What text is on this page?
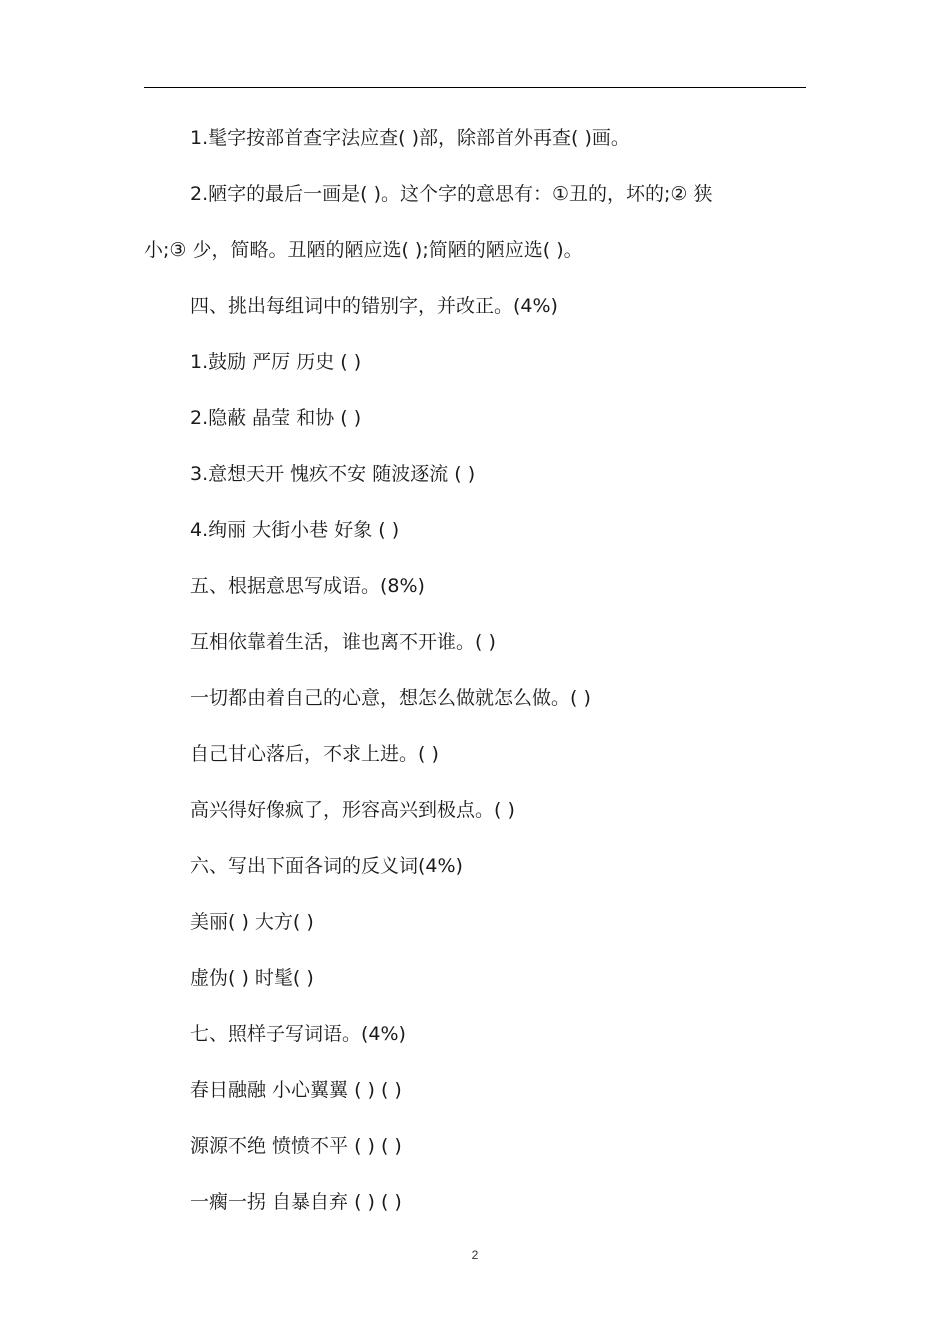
1.髦字按部首查字法应查( )部，除部首外再查( )画。
2.陋字的最后一画是( )。这个字的意思有：①丑的，坏的;② 狭
小;③ 少，简略。丑陋的陋应选( );简陋的陋应选( )。
四、挑出每组词中的错别字，并改正。(4%)
1.鼓励 严厉 历史 ( )
2.隐蔽 晶莹 和协 ( )
3.意想天开 愧疚不安 随波逐流 ( )
4.绚丽 大街小巷 好象 ( )
五、根据意思写成语。(8%)
互相依靠着生活，谁也离不开谁。( )
一切都由着自己的心意，想怎么做就怎么做。( )
自己甘心落后，不求上进。( )
高兴得好像疯了，形容高兴到极点。( )
六、写出下面各词的反义词(4%)
美丽( ) 大方( )
虚伪( ) 时髦( )
七、照样子写词语。(4%)
春日融融 小心翼翼 ( ) ( )
源源不绝 愤愤不平 ( ) ( )
一瘸一拐 自暴自弃 ( ) ( )
2
